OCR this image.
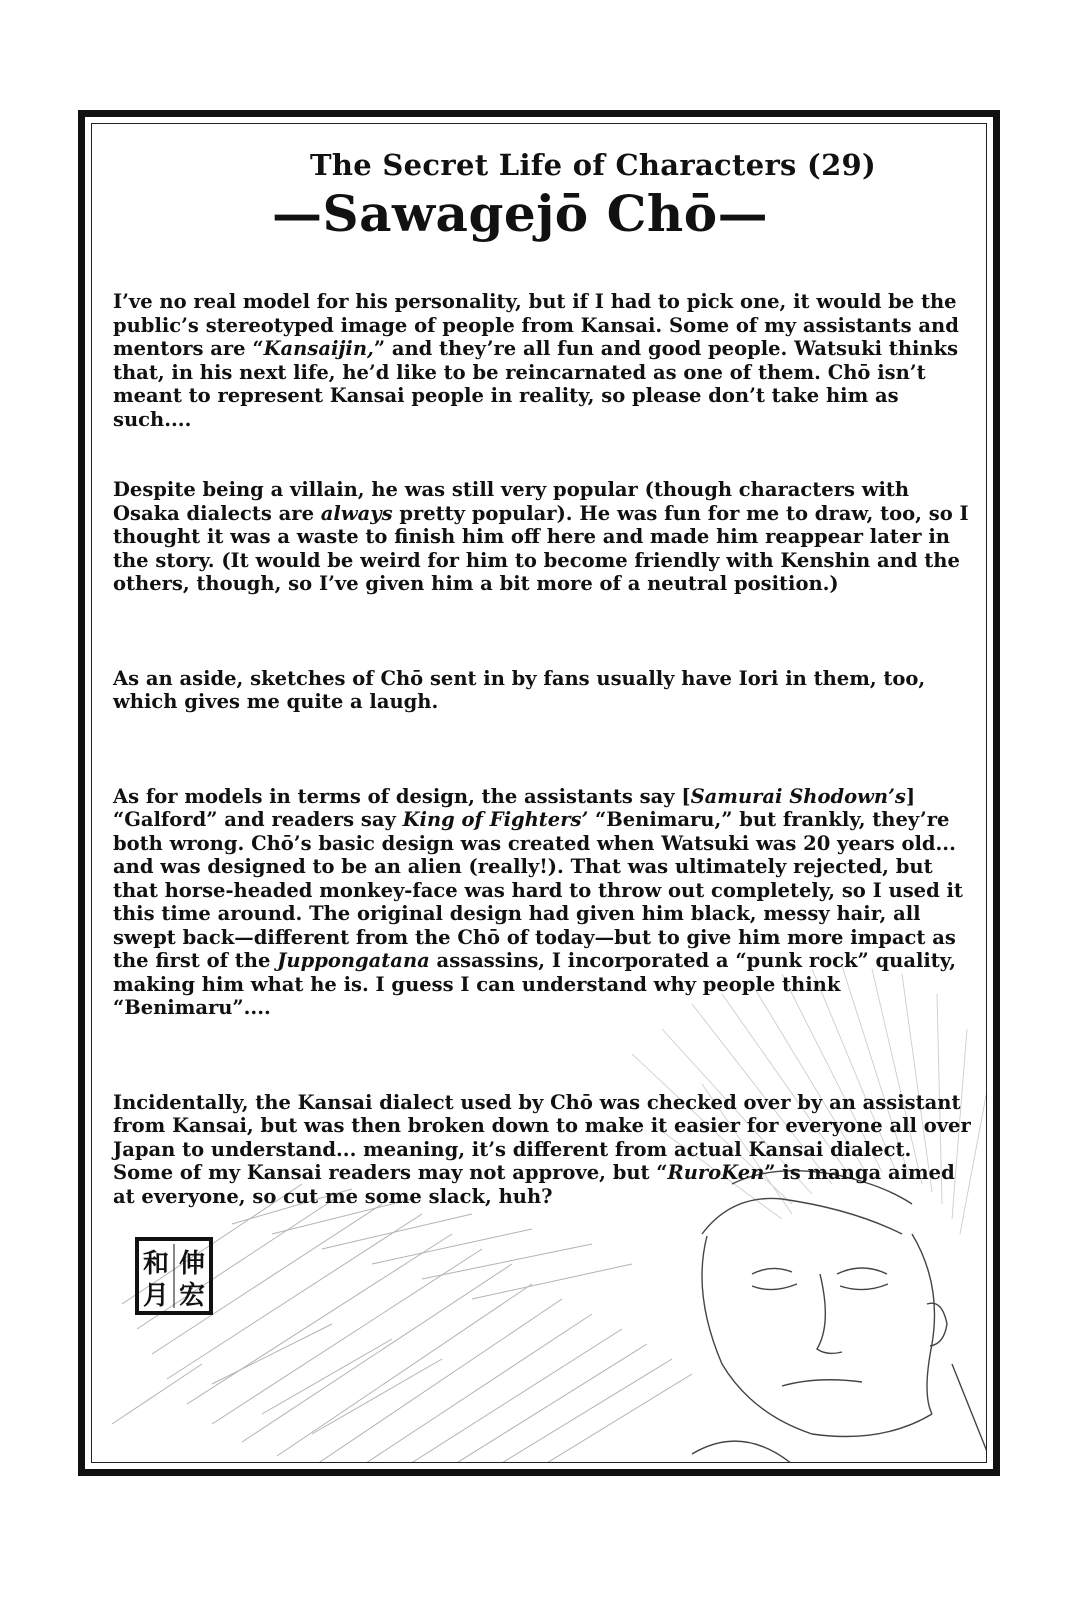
The Secret Life of Characters (29)
—Sawagejō Chō—

I’ve no real model for his personality, but if I had to pick one, it would be the public’s stereotyped image of people from Kansai. Some of my assistants and mentors are “Kansaijin,” and they’re all fun and good people. Watsuki thinks that, in his next life, he’d like to be reincarnated as one of them. Chō isn’t meant to represent Kansai people in reality, so please don’t take him as such....

Despite being a villain, he was still very popular (though characters with Osaka dialects are always pretty popular). He was fun for me to draw, too, so I thought it was a waste to finish him off here and made him reappear later in the story. (It would be weird for him to become friendly with Kenshin and the others, though, so I’ve given him a bit more of a neutral position.)

As an aside, sketches of Chō sent in by fans usually have Iori in them, too, which gives me quite a laugh.

As for models in terms of design, the assistants say [Samurai Shodown’s] “Galford” and readers say King of Fighters’ “Benimaru,” but frankly, they’re both wrong. Chō’s basic design was created when Watsuki was 20 years old... and was designed to be an alien (really!). That was ultimately rejected, but that horse-headed monkey-face was hard to throw out completely, so I used it this time around. The original design had given him black, messy hair, all swept back—different from the Chō of today—but to give him more impact as the first of the Juppongatana assassins, I incorporated a “punk rock” quality, making him what he is. I guess I can understand why people think “Benimaru”....

Incidentally, the Kansai dialect used by Chō was checked over by an assistant from Kansai, but was then broken down to make it easier for everyone all over Japan to understand... meaning, it’s different from actual Kansai dialect. Some of my Kansai readers may not approve, but “RuroKen” is manga aimed at everyone, so cut me some slack, huh?

伸
宏
和
月
